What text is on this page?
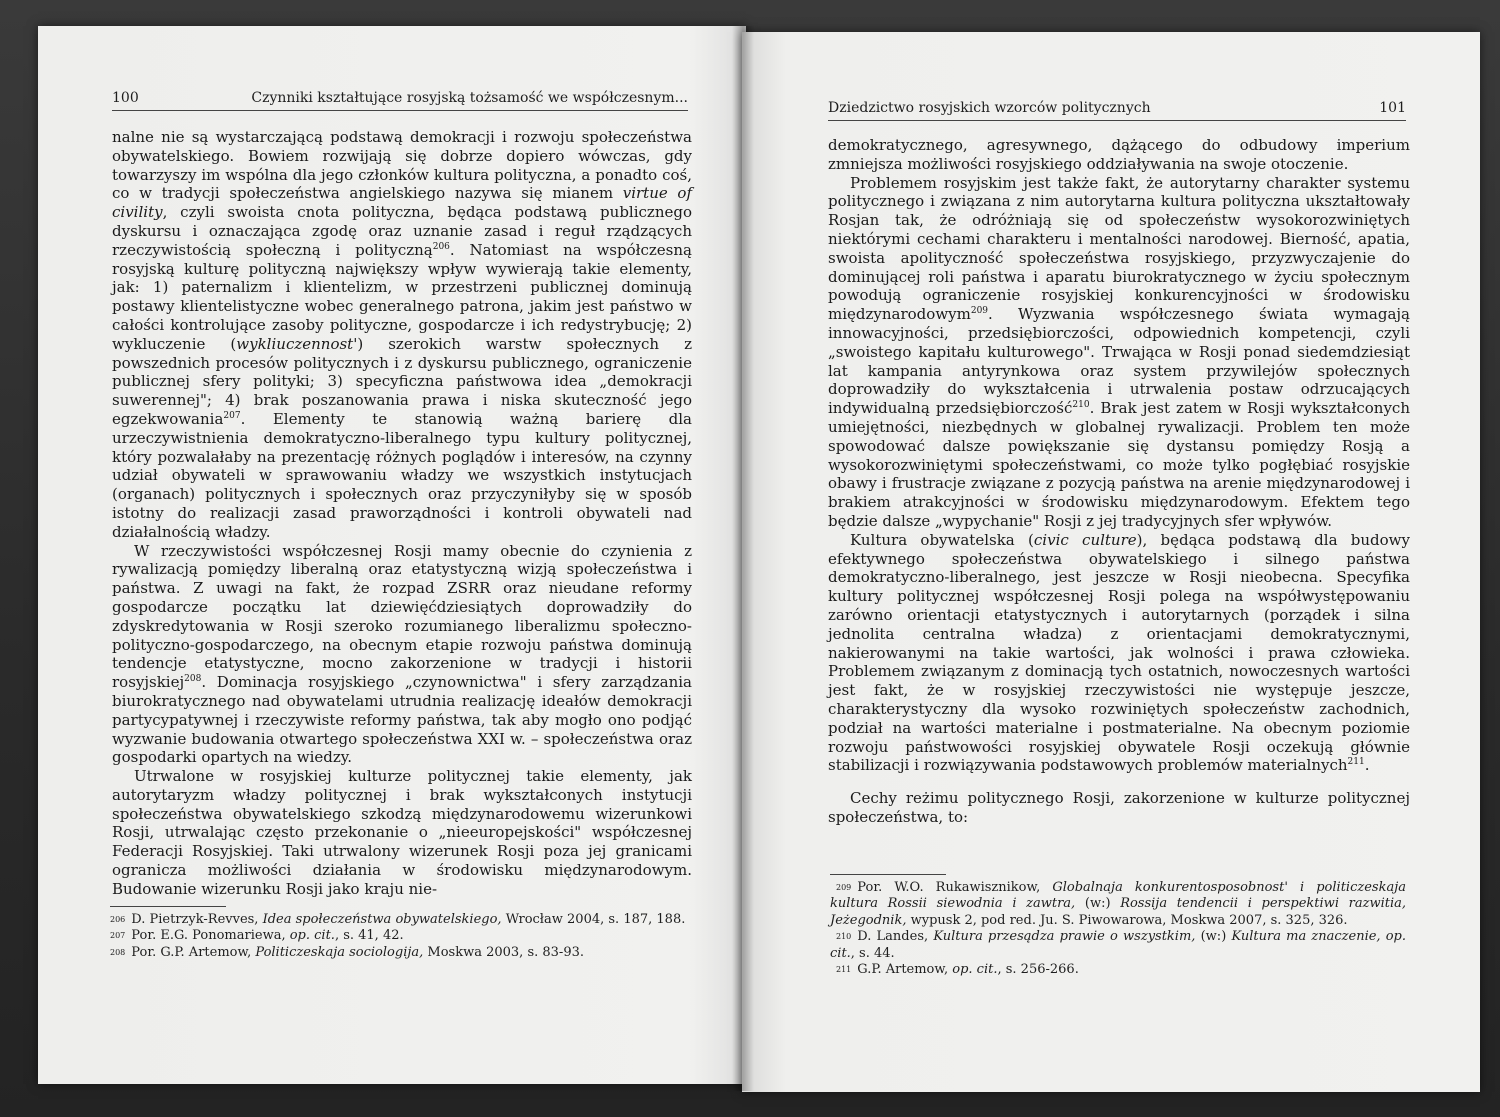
100	Czynniki kształtujące rosyjską tożsamość we współczesnym...

nalne nie są wystarczającą podstawą demokracji i rozwoju społeczeństwa obywatelskiego. Bowiem rozwijają się dobrze dopiero wówczas, gdy towarzyszy im wspólna dla jego członków kultura polityczna, a ponadto coś, co w tradycji społeczeństwa angielskiego nazywa się mianem virtue of civility, czyli swoista cnota polityczna, będąca podstawą publicznego dyskursu i oznaczająca zgodę oraz uznanie zasad i reguł rządzących rzeczywistością społeczną i polityczną$^{206}$. Natomiast na współczesną rosyjską kulturę polityczną największy wpływ wywierają takie elementy, jak: 1) paternalizm i klientelizm, w przestrzeni publicznej dominują postawy klientelistyczne wobec generalnego patrona, jakim jest państwo w całości kontrolujące zasoby polityczne, gospodarcze i ich redystrybucję; 2) wykluczenie (wykliuczennost') szerokich warstw społecznych z powszednich procesów politycznych i z dyskursu publicznego, ograniczenie publicznej sfery polityki; 3) specyficzna państwowa idea „demokracji suwerennej"; 4) brak poszanowania prawa i niska skuteczność jego egzekwowania$^{207}$. Elementy te stanowią ważną barierę dla urzeczywistnienia demokratyczno-liberalnego typu kultury politycznej, który pozwalałaby na prezentację różnych poglądów i interesów, na czynny udział obywateli w sprawowaniu władzy we wszystkich instytucjach (organach) politycznych i społecznych oraz przyczyniłyby się w sposób istotny do realizacji zasad praworządności i kontroli obywateli nad działalnością władzy.

W rzeczywistości współczesnej Rosji mamy obecnie do czynienia z rywalizacją pomiędzy liberalną oraz etatystyczną wizją społeczeństwa i państwa. Z uwagi na fakt, że rozpad ZSRR oraz nieudane reformy gospodarcze początku lat dziewięćdziesiątych doprowadziły do zdyskredytowania w Rosji szeroko rozumianego liberalizmu społeczno-polityczno-gospodarczego, na obecnym etapie rozwoju państwa dominują tendencje etatystyczne, mocno zakorzenione w tradycji i historii rosyjskiej$^{208}$. Dominacja rosyjskiego „czynownictwa" i sfery zarządzania biurokratycznego nad obywatelami utrudnia realizację ideałów demokracji partycypatywnej i rzeczywiste reformy państwa, tak aby mogło ono podjąć wyzwanie budowania otwartego społeczeństwa XXI w. – społeczeństwa oraz gospodarki opartych na wiedzy.

Utrwalone w rosyjskiej kulturze politycznej takie elementy, jak autorytaryzm władzy politycznej i brak wykształconych instytucji społeczeństwa obywatelskiego szkodzą międzynarodowemu wizerunkowi Rosji, utrwalając często przekonanie o „nieeuropejskości" współczesnej Federacji Rosyjskiej. Taki utrwalony wizerunek Rosji poza jej granicami ogranicza możliwości działania w środowisku międzynarodowym. Budowanie wizerunku Rosji jako kraju nie-

$^{206}$ D. Pietrzyk-Revves, Idea społeczeństwa obywatelskiego, Wrocław 2004, s. 187, 188.

$^{207}$ Por. E.G. Ponomariewa, op. cit., s. 41, 42.

$^{208}$ Por. G.P. Artemow, Politiczeskaja sociologija, Moskwa 2003, s. 83-93.

Dziedzictwo rosyjskich wzorców politycznych	101

demokratycznego, agresywnego, dążącego do odbudowy imperium zmniejsza możliwości rosyjskiego oddziaływania na swoje otoczenie.

Problemem rosyjskim jest także fakt, że autorytarny charakter systemu politycznego i związana z nim autorytarna kultura polityczna ukształtowały Rosjan tak, że odróżniają się od społeczeństw wysokorozwiniętych niektórymi cechami charakteru i mentalności narodowej. Bierność, apatia, swoista apolityczność społeczeństwa rosyjskiego, przyzwyczajenie do dominującej roli państwa i aparatu biurokratycznego w życiu społecznym powodują ograniczenie rosyjskiej konkurencyjności w środowisku międzynarodowym$^{209}$. Wyzwania współczesnego świata wymagają innowacyjności, przedsiębiorczości, odpowiednich kompetencji, czyli „swoistego kapitału kulturowego". Trwająca w Rosji ponad siedemdziesiąt lat kampania antyrynkowa oraz system przywilejów społecznych doprowadziły do wykształcenia i utrwalenia postaw odrzucających indywidualną przedsiębiorczość$^{210}$. Brak jest zatem w Rosji wykształconych umiejętności, niezbędnych w globalnej rywalizacji. Problem ten może spowodować dalsze powiększanie się dystansu pomiędzy Rosją a wysokorozwiniętymi społeczeństwami, co może tylko pogłębiać rosyjskie obawy i frustracje związane z pozycją państwa na arenie międzynarodowej i brakiem atrakcyjności w środowisku międzynarodowym. Efektem tego będzie dalsze „wypychanie" Rosji z jej tradycyjnych sfer wpływów.

Kultura obywatelska (civic culture), będąca podstawą dla budowy efektywnego społeczeństwa obywatelskiego i silnego państwa demokratyczno-liberalnego, jest jeszcze w Rosji nieobecna. Specyfika kultury politycznej współczesnej Rosji polega na współwystępowaniu zarówno orientacji etatystycznych i autorytarnych (porządek i silna jednolita centralna władza) z orientacjami demokratycznymi, nakierowanymi na takie wartości, jak wolności i prawa człowieka. Problemem związanym z dominacją tych ostatnich, nowoczesnych wartości jest fakt, że w rosyjskiej rzeczywistości nie występuje jeszcze, charakterystyczny dla wysoko rozwiniętych społeczeństw zachodnich, podział na wartości materialne i postmaterialne. Na obecnym poziomie rozwoju państwowości rosyjskiej obywatele Rosji oczekują głównie stabilizacji i rozwiązywania podstawowych problemów materialnych$^{211}$.

Cechy reżimu politycznego Rosji, zakorzenione w kulturze politycznej społeczeństwa, to:

$^{209}$ Por. W.O. Rukawisznikow, Globalnaja konkurentosposobnost' i politiczeskaja kultura Rossii siewodnia i zawtra, (w:) Rossija tendencii i perspektiwi razwitia, Jeżegodnik, wypusk 2, pod red. Ju. S. Piwowarowa, Moskwa 2007, s. 325, 326.

$^{210}$ D. Landes, Kultura przesądza prawie o wszystkim, (w:) Kultura ma znaczenie, op. cit., s. 44.

$^{211}$ G.P. Artemow, op. cit., s. 256-266.
